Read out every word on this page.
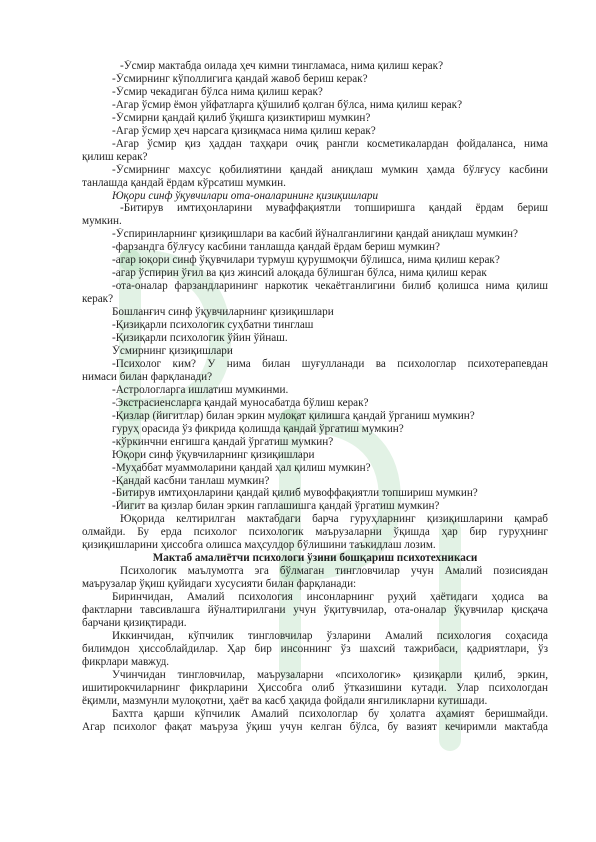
-Ўсмир мактабда оилада ҳеч кимни тинг‌ламаса, нима қилиш керак?
-Ўсмирнинг кўполлигига қандай жавоб бериш керак?
-Ўсмир чекадиган бўлса нима қилиш керак?
-Агар ўсмир ёмон уйфатларга қўшилиб қолган бўлса, нима қилиш керак?
-Ўсмирни қандай қилиб ўқишга қизиктириш мумкин?
-Агар ўсмир ҳеч нарсага қизиқмаса нима қилиш керак?
-Агар ўсмир қиз ҳаддан таҳқари очиқ рангли косметикалардан фойдаланса, нима
қилиш керак?
-Ўсмирнинг махсус қобилиятини қандай аниқлаш мумкин ҳамда бўлғусу касбини
танлашда қандай ёрдам кўрсатиш мумкин.
Юқори синф ўқувчилари ота-оналарининг қизиқишлари
-Битирув имтиҳонларини муваффақиятли топширишга қандай ёрдам бериш
мумкин.
-Ўспиринларнинг қизиқишлари ва касбий йўналганлигини қандай аниқлаш мумкин?
-фарзандга бўлғусу касбини танлашда қандай ёрдам бериш мумкин?
-агар юқори синф ўқувчилари турмуш қурушмоқчи бўлишса, нима қилиш керак?
-агар ўспирин ўғил ва қиз жинсий алоқада бўлишган бўлса, нима қилиш керак
-ота-оналар фарзандларининг наркотик чекаётганлигини билиб қолишса нима қилиш
керак?
Бошланғич синф ўқувчиларнинг қизиқишлари
-Қизиқарли психологик суҳбатни тинглаш
-Қизиқарли психологик ўйин ўйнаш.
Ўсмирнинг қизиқишлари
-Психолог ким? У нима билан шуғулланади ва психологлар психотерапевдан
нимаси билан фарқланади?
-Астрологларга ишлатиш мумкинми.
-Экстрасиенсларга қандай муносабатда бўлиш керак?
-Қизлар (йигитлар) билан эркин мулоқат қилишга қандай ўрганиш мумкин?
гуруҳ орасида ўз фикрида қолишда қандай ўргатиш мумкин?
-кўркинчни енгишга қандай ўргатиш мумкин?
Юқори синф ўқувчиларнинг қизиқишлари
-Муҳаббат муаммоларини қандай ҳал қилиш мумкин?
-Қандай касбни танлаш мумкин?
-Битирув имтиҳонларини қандай қилиб мувоффақиятли топшириш мумкин?
-Йигит ва қизлар билан эркин гаплашишга қандай ўргатиш мумкин?
Юқорида келтирилган мактабдаги барча гуруҳларнинг қизиқишларини қамраб
олмайди. Бу ерда психолог психологик маърузаларни ўқишда ҳар бир гуруҳнинг
қизиқишларини ҳиссобга олишса маҳсулдор бўлишини таъкидлаш лозим.
Мактаб амалиётчи психологи ўзини бошқариш психотехникаси
Психологик маълумотга эга бўлмаган тингловчилар учун Амалий позисиядан
маърузалар ўқиш қуйидаги хусусияти билан фарқланади:
Биринчидан, Амалий психология инсонларнинг руҳий ҳаётидаги ҳодиса ва
фактларни тавсивлашга йўналтирилгани учун ўқитувчилар, ота-оналар ўқувчилар қисқача
барчани қизиқтиради.
Иккинчидан, кўпчилик тингловчилар ўзларини Амалий психология соҳасида
билимдон ҳиссоблайдилар. Ҳар бир инсоннинг ўз шахсий тажрибаси, қадриятлари, ўз
фикрлари мавжуд.
Учинчидан тингловчилар, маърузаларни «психологик» қизиқарли қилиб, эркин,
ишитирокчиларнинг фикрларини Ҳиссобга олиб ўтказишини кутади. Улар психологдан
ёқимли, мазмунли мулоқотни, ҳаёт ва касб ҳақида фойдали янгиликларни кутишади.
Бахтга қарши кўпчилик Амалий психологлар бу ҳолатга аҳамият беришмайди.
Агар психолог фақат маъруза ўқиш учун келган бўлса, бу вазият кечиримли мактабда
